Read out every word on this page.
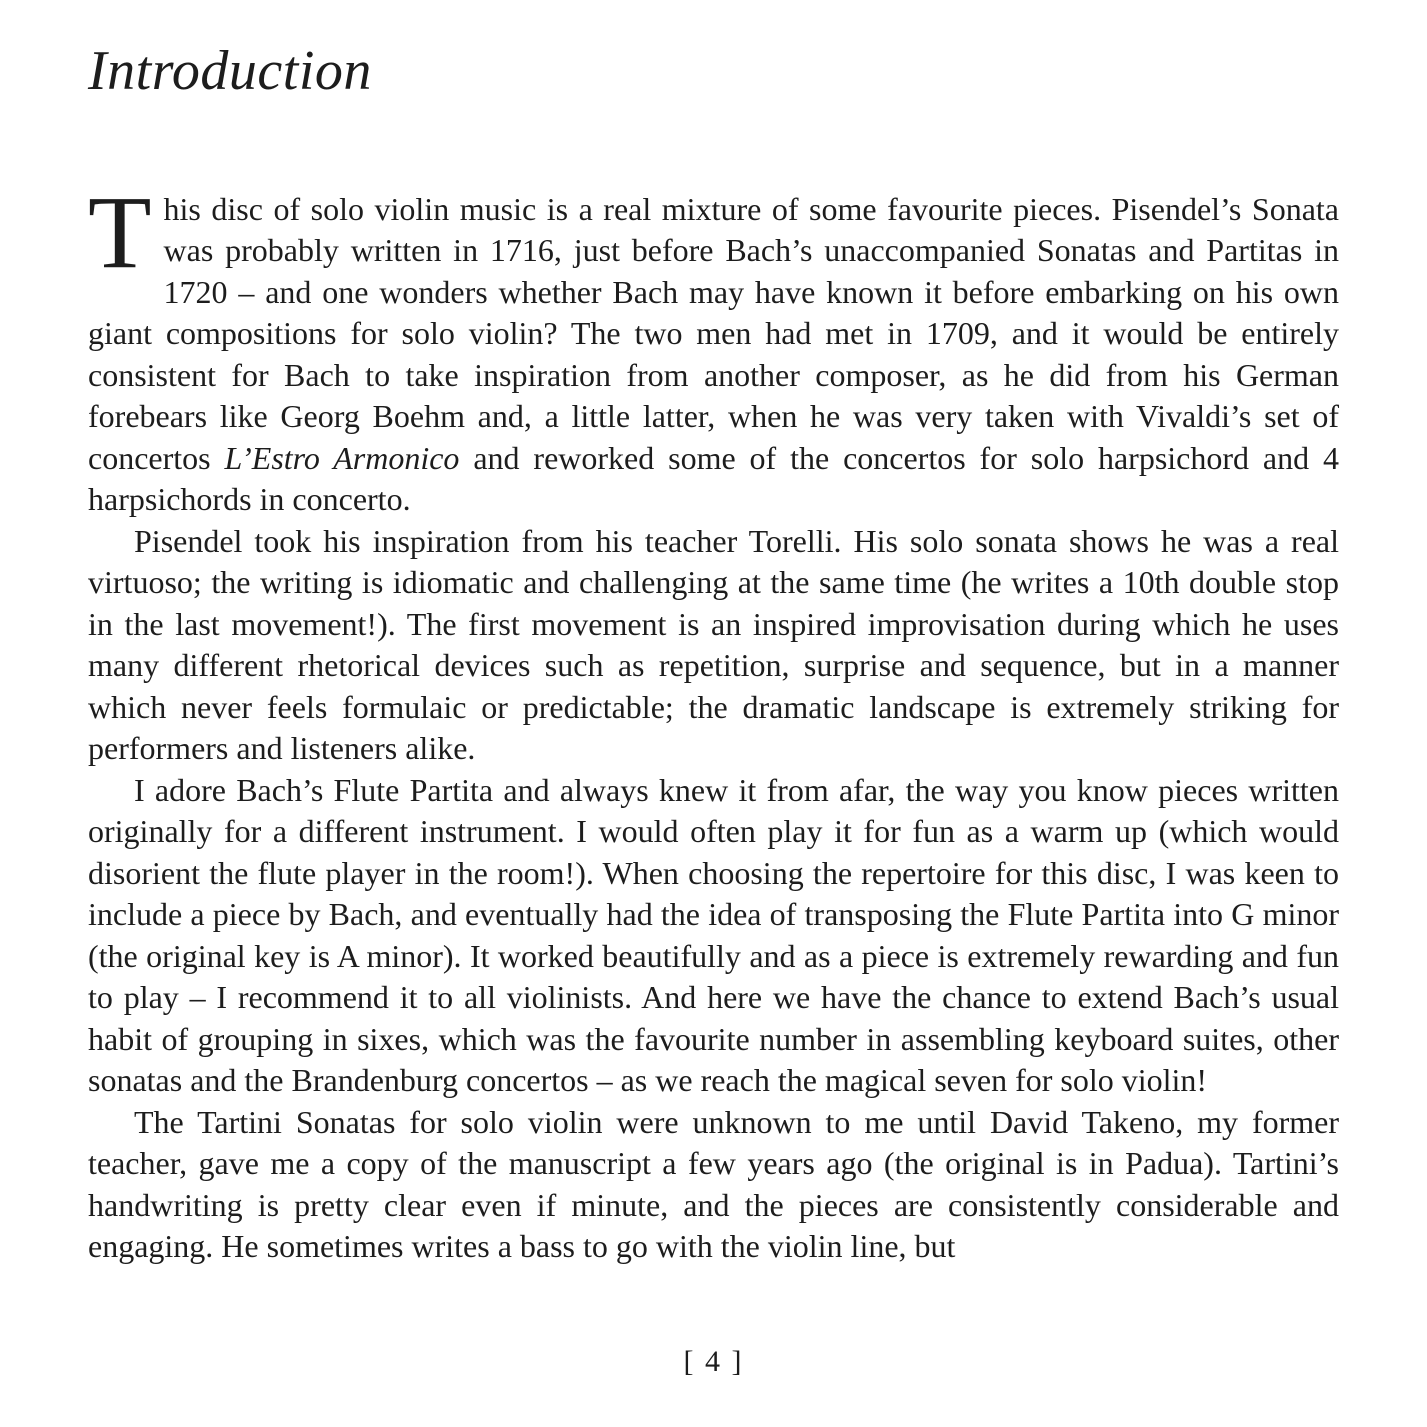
Introduction

This disc of solo violin music is a real mixture of some favourite pieces. Pisendel’s Sonata was probably written in 1716, just before Bach’s unaccompanied Sonatas and Partitas in 1720 – and one wonders whether Bach may have known it before embarking on his own giant compositions for solo violin? The two men had met in 1709, and it would be entirely consistent for Bach to take inspiration from another composer, as he did from his German forebears like Georg Boehm and, a little latter, when he was very taken with Vivaldi’s set of concertos L’Estro Armonico and reworked some of the concertos for solo harpsichord and 4 harpsichords in concerto.

Pisendel took his inspiration from his teacher Torelli. His solo sonata shows he was a real virtuoso; the writing is idiomatic and challenging at the same time (he writes a 10th double stop in the last movement!). The first movement is an inspired improvisation during which he uses many different rhetorical devices such as repetition, surprise and sequence, but in a manner which never feels formulaic or predictable; the dramatic landscape is extremely striking for performers and listeners alike.

I adore Bach’s Flute Partita and always knew it from afar, the way you know pieces written originally for a different instrument. I would often play it for fun as a warm up (which would disorient the flute player in the room!). When choosing the repertoire for this disc, I was keen to include a piece by Bach, and eventually had the idea of transposing the Flute Partita into G minor (the original key is A minor). It worked beautifully and as a piece is extremely rewarding and fun to play – I recommend it to all violinists. And here we have the chance to extend Bach’s usual habit of grouping in sixes, which was the favourite number in assembling keyboard suites, other sonatas and the Brandenburg concertos – as we reach the magical seven for solo violin!

The Tartini Sonatas for solo violin were unknown to me until David Takeno, my former teacher, gave me a copy of the manuscript a few years ago (the original is in Padua). Tartini’s handwriting is pretty clear even if minute, and the pieces are consistently considerable and engaging. He sometimes writes a bass to go with the violin line, but

[ 4 ]
